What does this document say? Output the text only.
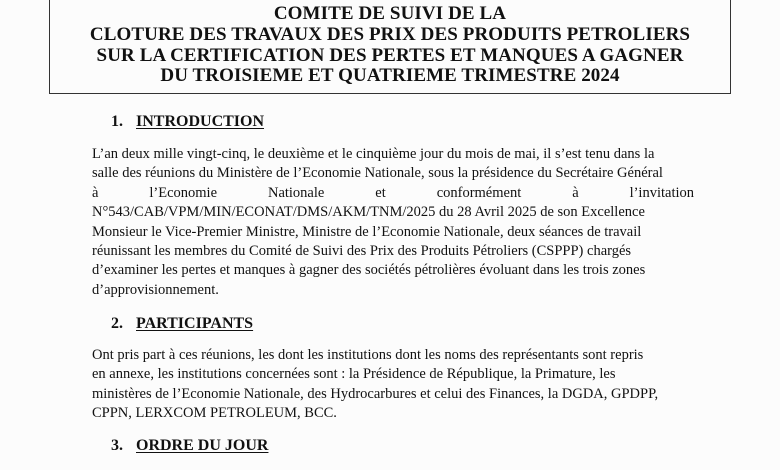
COMITE DE SUIVI DE LA
CLOTURE DES TRAVAUX DES PRIX DES PRODUITS PETROLIERS
SUR LA CERTIFICATION DES PERTES ET MANQUES A GAGNER
DU TROISIEME ET QUATRIEME TRIMESTRE 2024
1. INTRODUCTION
L’an deux mille vingt-cinq, le deuxième et le cinquième jour du mois de mai, il s’est tenu dans la
salle des réunions du Ministère de l’Economie Nationale, sous la présidence du Secrétaire Général
à	l’Economie	Nationale	et	conformément	à	l’invitation
N°543/CAB/VPM/MIN/ECONAT/DMS/AKM/TNM/2025 du 28 Avril 2025 de son Excellence
Monsieur le Vice-Premier Ministre, Ministre de l’Economie Nationale, deux séances de travail
réunissant les membres du Comité de Suivi des Prix des Produits Pétroliers (CSPPP) chargés
d’examiner les pertes et manques à gagner des sociétés pétrolières évoluant dans les trois zones
d’approvisionnement.
2. PARTICIPANTS
Ont pris part à ces réunions, les dont les institutions dont les noms des représentants sont repris
en annexe, les institutions concernées sont : la Présidence de République, la Primature, les
ministères de l’Economie Nationale, des Hydrocarbures et celui des Finances, la DGDA, GPDPP,
CPPN, LERXCOM PETROLEUM, BCC.
3. ORDRE DU JOUR
